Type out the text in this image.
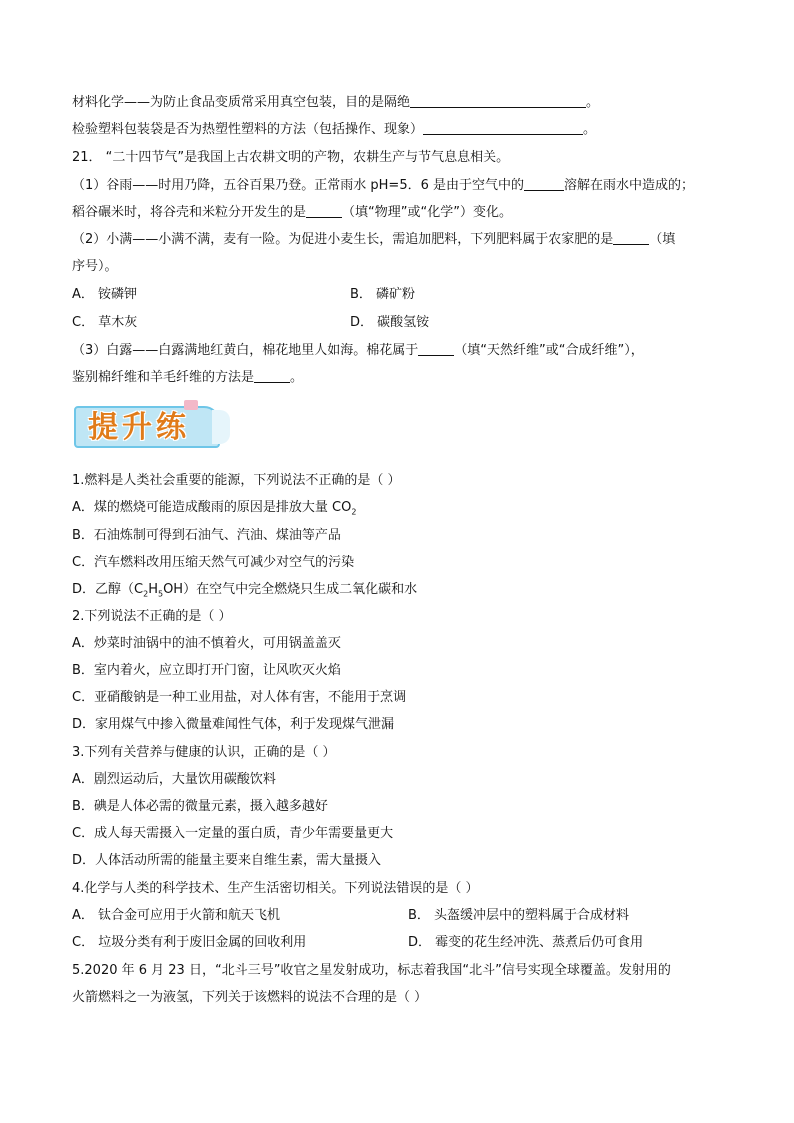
材料化学——为防止食品变质常采用真空包装，目的是隔绝	。
检验塑料包装袋是否为热塑性塑料的方法（包括操作、现象）	。
21． “二十四节气”是我国上古农耕文明的产物，农耕生产与节气息息相关。
（1）谷雨——时用乃降，五谷百果乃登。正常雨水 pH=5．6 是由于空气中的	溶解在雨水中造成的；
稻谷碾米时，将谷壳和米粒分开发生的是	（填“物理”或“化学”）变化。
（2）小满——小满不满，麦有一险。为促进小麦生长，需追加肥料，下列肥料属于农家肥的是	（填
序号）。
A． 铵磷钾	B． 磷矿粉
C． 草木灰	D． 碳酸氢铵
（3）白露——白露满地红黄白，棉花地里人如海。棉花属于	（填“天然纤维”或“合成纤维”），
鉴别棉纤维和羊毛纤维的方法是	。
提升练
1.燃料是人类社会重要的能源，下列说法不正确的是（ ）
A．煤的燃烧可能造成酸雨的原因是排放大量 $CO_2$
B．石油炼制可得到石油气、汽油、煤油等产品
C．汽车燃料改用压缩天然气可减少对空气的污染
D．乙醇$(C_2H_5OH)$在空气中完全燃烧只生成二氧化碳和水
2.下列说法不正确的是（ ）
A．炒菜时油锅中的油不慎着火，可用锅盖盖灭
B．室内着火，应立即打开门窗，让风吹灭火焰
C．亚硝酸钠是一种工业用盐，对人体有害，不能用于烹调
D．家用煤气中掺入微量难闻性气体，利于发现煤气泄漏
3.下列有关营养与健康的认识，正确的是（ ）
A．剧烈运动后，大量饮用碳酸饮料
B．碘是人体必需的微量元素，摄入越多越好
C．成人每天需摄入一定量的蛋白质，青少年需要量更大
D．人体活动所需的能量主要来自维生素，需大量摄入
4.化学与人类的科学技术、生产生活密切相关。下列说法错误的是（ ）
A． 钛合金可应用于火箭和航天飞机	B． 头盔缓冲层中的塑料属于合成材料
C． 垃圾分类有利于废旧金属的回收利用	D． 霉变的花生经冲洗、蒸煮后仍可食用
5.2020 年 6 月 23 日，“北斗三号”收官之星发射成功，标志着我国“北斗”信号实现全球覆盖。发射用的
火箭燃料之一为液氢，下列关于该燃料的说法不合理的是（ ）
